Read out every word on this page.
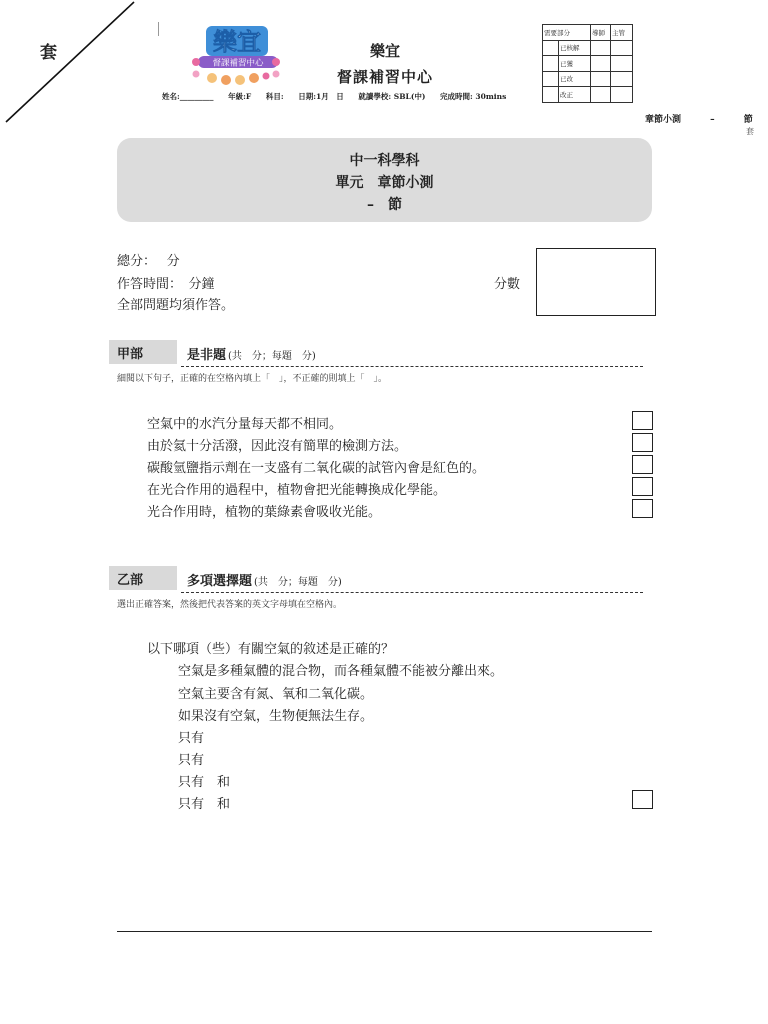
套	樂宜
督課補習中心
樂宜
督課補習中心
姓名:_________ 年級:F 科目: 日期:1月　日 就讀學校: SBL(中) 完成時間: 30mins
需要部分		導師	主管
	已核解		
	已獲		
	已改		
	改正		
章節小測	–	節
套
中一科學科
單元　章節小測
–　節
總分：　 分
作答時間：　分鐘
全部問題均須作答。
分數
甲部	是非題 (共　分；每題　分)
細閱以下句子，正確的在空格內填上「　」，不正確的則填上「　」。
空氣中的水汽分量每天都不相同。
由於氦十分活潑，因此沒有簡單的檢測方法。
碳酸氫鹽指示劑在一支盛有二氧化碳的試管內會是紅色的。
在光合作用的過程中，植物會把光能轉換成化學能。
光合作用時，植物的葉綠素會吸收光能。
乙部	多項選擇題 (共　分；每題　分)
選出正確答案，然後把代表答案的英文字母填在空格內。
以下哪項（些）有關空氣的敘述是正確的？
空氣是多種氣體的混合物，而各種氣體不能被分離出來。
空氣主要含有氮、氧和二氧化碳。
如果沒有空氣，生物便無法生存。
只有
只有
只有　和
只有　和
